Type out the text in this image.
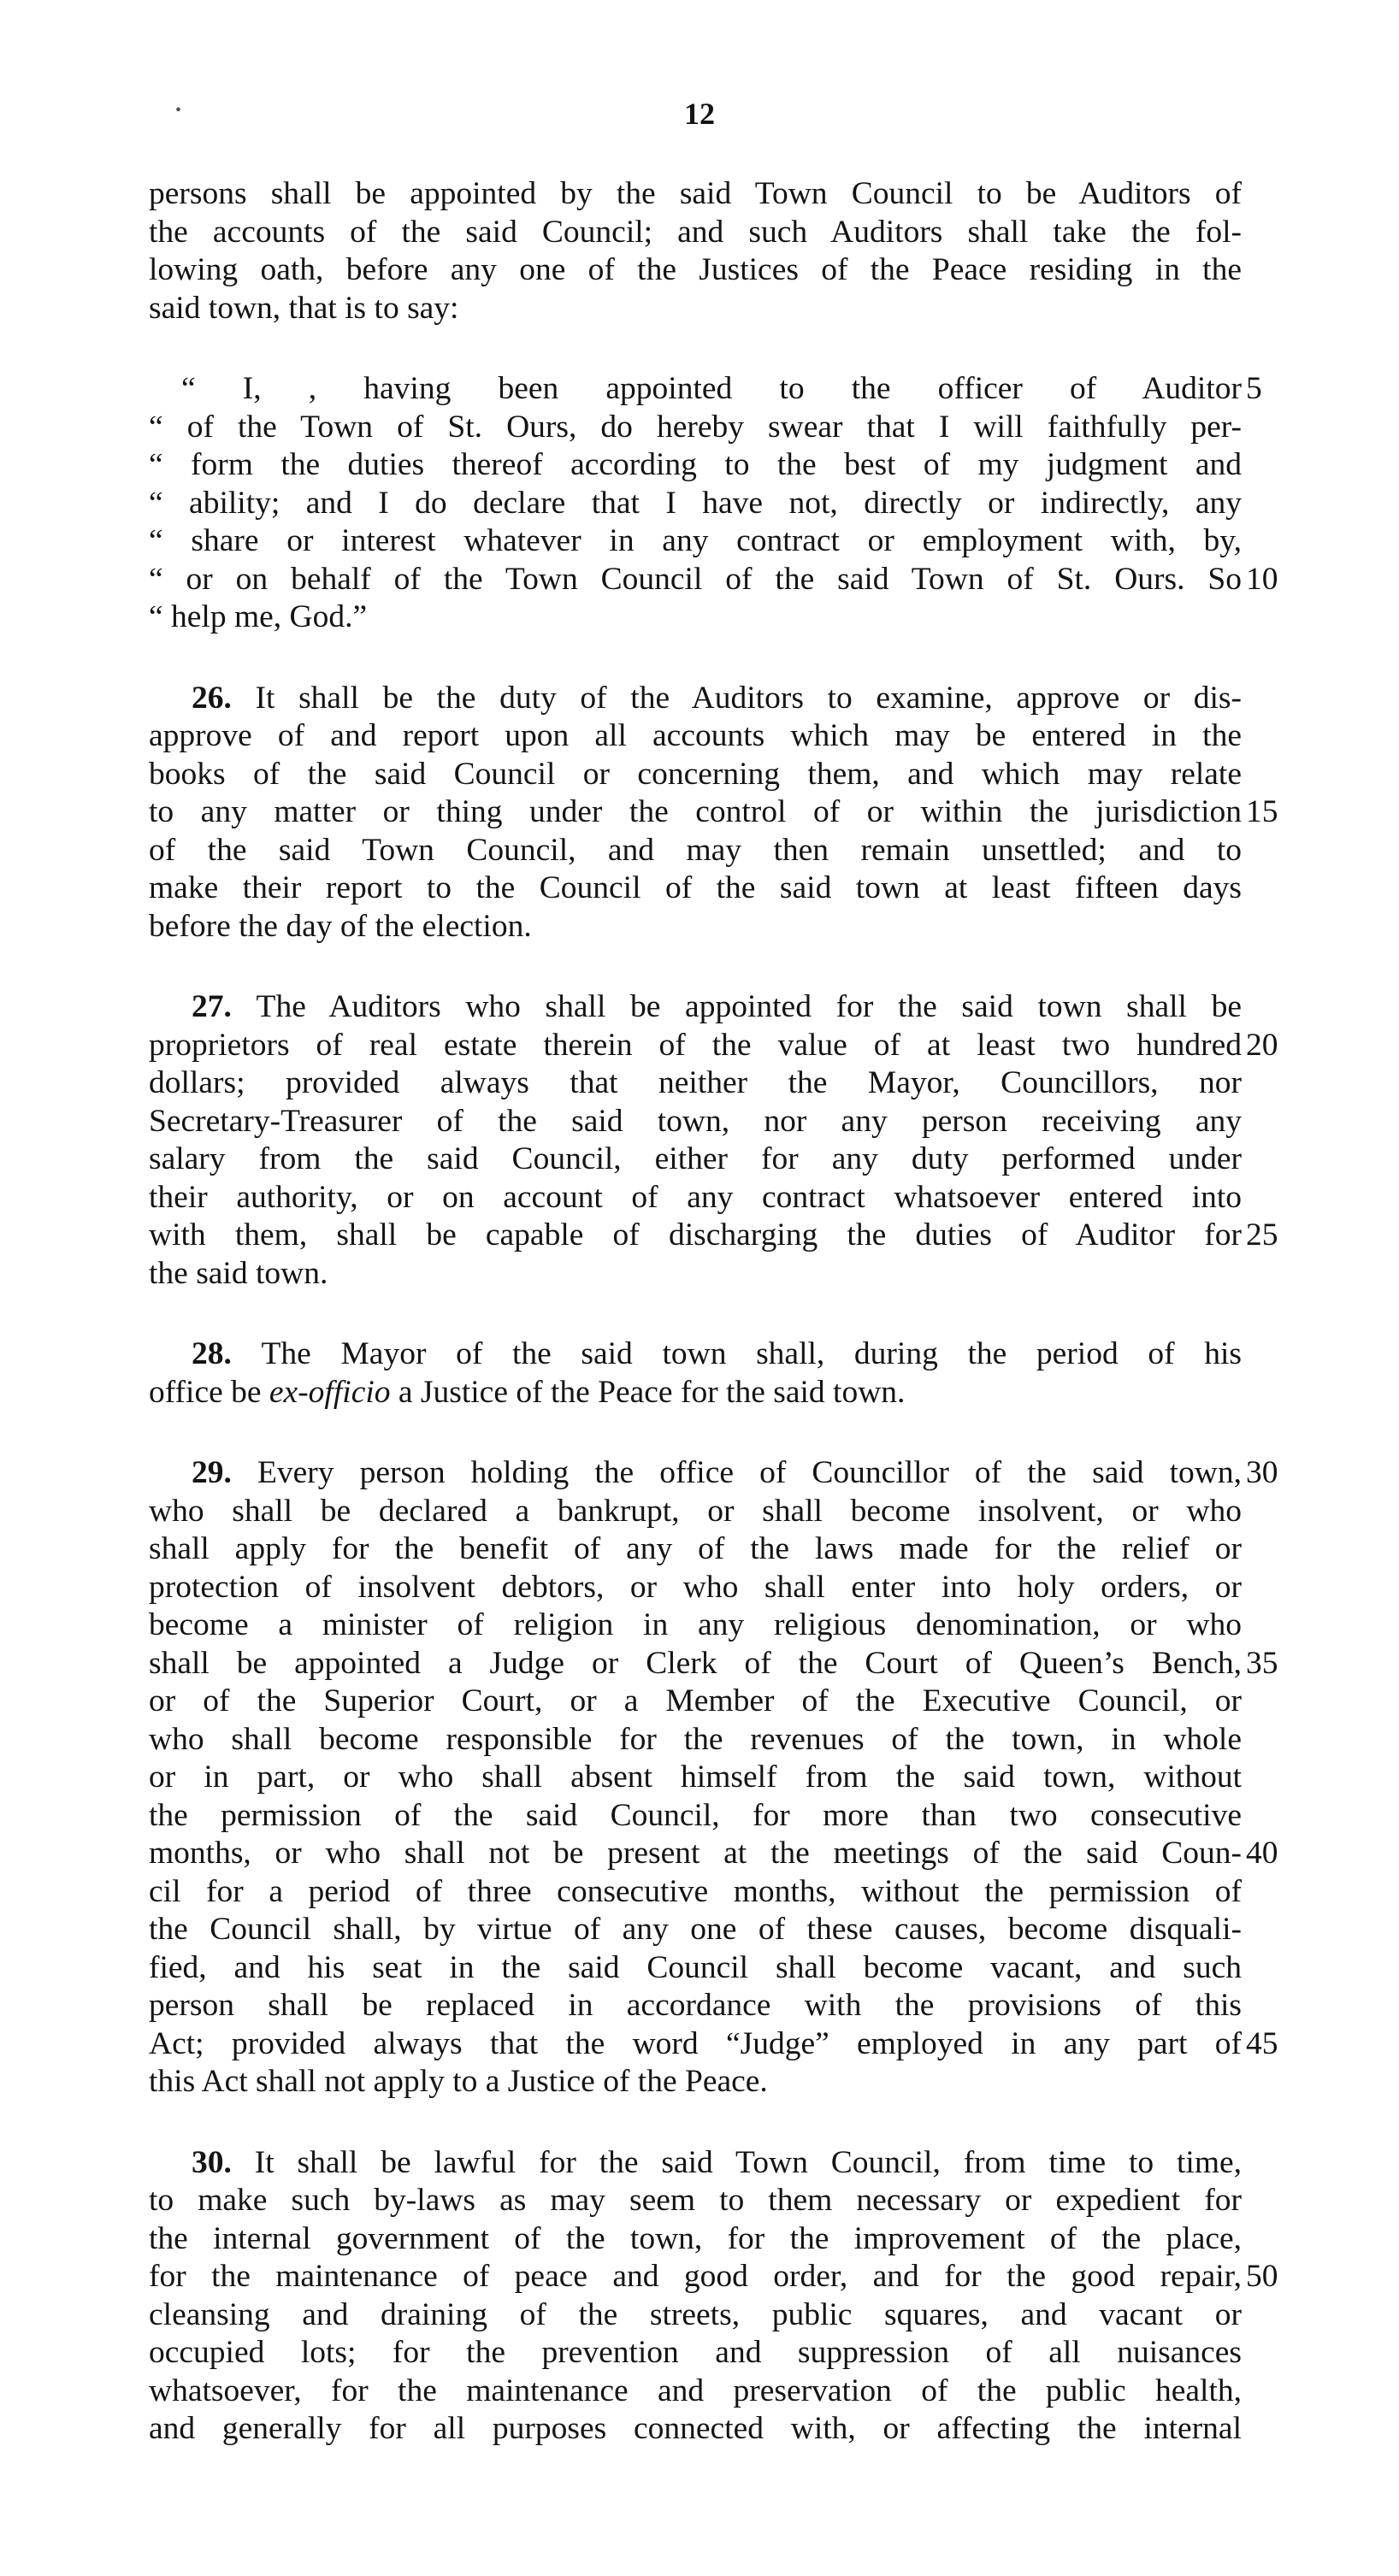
12
•
persons shall be appointed by the said Town Council to be Auditors of
the accounts of the said Council; and such Auditors shall take the fol-
lowing oath, before any one of the Justices of the Peace residing in the
said town, that is to say:
“ I, , having been appointed to the officer of Auditor 5
“ of the Town of St. Ours, do hereby swear that I will faithfully per-
“ form the duties thereof according to the best of my judgment and
“ ability; and I do declare that I have not, directly or indirectly, any
“ share or interest whatever in any contract or employment with, by,
“ or on behalf of the Town Council of the said Town of St. Ours. So 10
“ help me, God.”
26. It shall be the duty of the Auditors to examine, approve or dis-
approve of and report upon all accounts which may be entered in the
books of the said Council or concerning them, and which may relate
to any matter or thing under the control of or within the jurisdiction 15
of the said Town Council, and may then remain unsettled; and to
make their report to the Council of the said town at least fifteen days
before the day of the election.
27. The Auditors who shall be appointed for the said town shall be
proprietors of real estate therein of the value of at least two hundred 20
dollars; provided always that neither the Mayor, Councillors, nor
Secretary-Treasurer of the said town, nor any person receiving any
salary from the said Council, either for any duty performed under
their authority, or on account of any contract whatsoever entered into
with them, shall be capable of discharging the duties of Auditor for 25
the said town.
28. The Mayor of the said town shall, during the period of his
office be ex-officio a Justice of the Peace for the said town.
29. Every person holding the office of Councillor of the said town, 30
who shall be declared a bankrupt, or shall become insolvent, or who
shall apply for the benefit of any of the laws made for the relief or
protection of insolvent debtors, or who shall enter into holy orders, or
become a minister of religion in any religious denomination, or who
shall be appointed a Judge or Clerk of the Court of Queen’s Bench, 35
or of the Superior Court, or a Member of the Executive Council, or
who shall become responsible for the revenues of the town, in whole
or in part, or who shall absent himself from the said town, without
the permission of the said Council, for more than two consecutive
months, or who shall not be present at the meetings of the said Coun- 40
cil for a period of three consecutive months, without the permission of
the Council shall, by virtue of any one of these causes, become disquali-
fied, and his seat in the said Council shall become vacant, and such
person shall be replaced in accordance with the provisions of this
Act; provided always that the word “Judge” employed in any part of 45
this Act shall not apply to a Justice of the Peace.
30. It shall be lawful for the said Town Council, from time to time,
to make such by-laws as may seem to them necessary or expedient for
the internal government of the town, for the improvement of the place,
for the maintenance of peace and good order, and for the good repair, 50
cleansing and draining of the streets, public squares, and vacant or
occupied lots; for the prevention and suppression of all nuisances
whatsoever, for the maintenance and preservation of the public health,
and generally for all purposes connected with, or affecting the internal
